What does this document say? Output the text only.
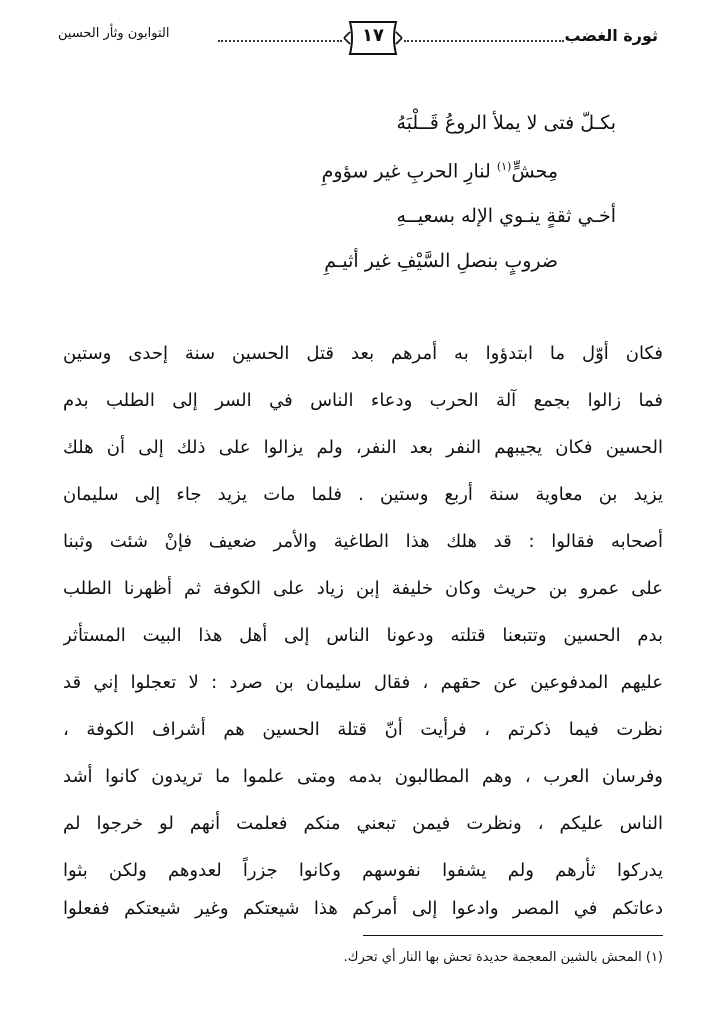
ثورة الغضب
١٧
التوابون وثأر الحسين
بكـلّ فتى لا يملأ الروعُ قَــلْبَهُ
مِحشٍّ$^{(١)}$ لنارِ الحربِ غير سؤومِ
أخـي ثقةٍ ينـوي الإله بسعيــهِ
ضروبٍ بنصلِ السَّيْفِ غير أثيـمِ
فكان أوّل ما ابتدؤوا به أمرهم بعد قتل الحسين سنة إحدى وستين
فما زالوا بجمع آلة الحرب ودعاء الناس في السر إلى الطلب بدم
الحسين فكان يجيبهم النفر بعد النفر، ولم يزالوا على ذلك إلى أن هلك
يزيد بن معاوية سنة أربع وستين . فلما مات يزيد جاء إلى سليمان
أصحابه فقالوا : قد هلك هذا الطاغية والأمر ضعيف فإنْ شئت وثبنا
على عمرو بن حريث وكان خليفة إبن زياد على الكوفة ثم أظهرنا الطلب
بدم الحسين وتتبعنا قتلته ودعونا الناس إلى أهل هذا البيت المستأثر
عليهم المدفوعين عن حقهم ، فقال سليمان بن صرد : لا تعجلوا إني قد
نظرت فيما ذكرتم ، فرأيت أنّ قتلة الحسين هم أشراف الكوفة ،
وفرسان العرب ، وهم المطالبون بدمه ومتى علموا ما تريدون كانوا أشد
الناس عليكم ، ونظرت فيمن تبعني منكم فعلمت أنهم لو خرجوا لم
يدركوا ثأرهم ولم يشفوا نفوسهم وكانوا جزراً لعدوهم ولكن بثوا
دعاتكم في المصر وادعوا إلى أمركم هذا شيعتكم وغير شيعتكم ففعلوا
(١) المحش بالشين المعجمة حديدة تحش بها النار أي تحرك.
